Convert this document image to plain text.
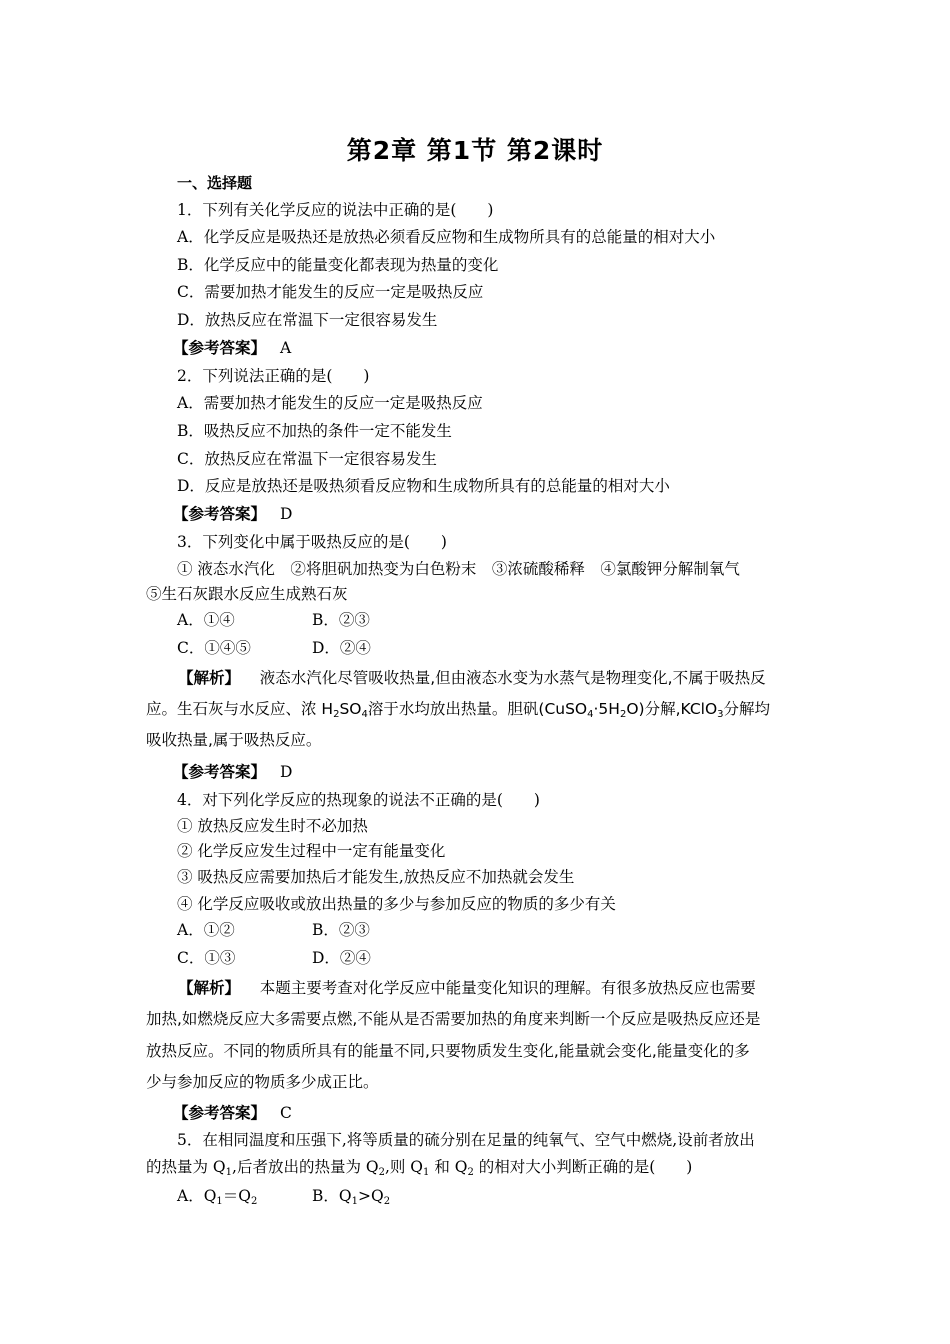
第2章 第1节 第2课时
一、选择题
1．下列有关化学反应的说法中正确的是(　　)
A．化学反应是吸热还是放热必须看反应物和生成物所具有的总能量的相对大小
B．化学反应中的能量变化都表现为热量的变化
C．需要加热才能发生的反应一定是吸热反应
D．放热反应在常温下一定很容易发生
【参考答案】 A
2．下列说法正确的是(　　)
A．需要加热才能发生的反应一定是吸热反应
B．吸热反应不加热的条件一定不能发生
C．放热反应在常温下一定很容易发生
D．反应是放热还是吸热须看反应物和生成物所具有的总能量的相对大小
【参考答案】 D
3．下列变化中属于吸热反应的是(　　)
① 液态水汽化　②将胆矾加热变为白色粉末　③浓硫酸稀释　④氯酸钾分解制氧气
⑤生石灰跟水反应生成熟石灰
A．①④	B．②③
C．①④⑤	D．②④
【解析】 液态水汽化尽管吸收热量,但由液态水变为水蒸气是物理变化,不属于吸热反
应。生石灰与水反应、浓 $H_2SO_4$溶于水均放出热量。胆矾$(CuSO_4\cdot 5H_2O)$分解,KClO$_3$分解均
吸收热量,属于吸热反应。
【参考答案】 D
4．对下列化学反应的热现象的说法不正确的是(　　)
① 放热反应发生时不必加热
② 化学反应发生过程中一定有能量变化
③ 吸热反应需要加热后才能发生,放热反应不加热就会发生
④ 化学反应吸收或放出热量的多少与参加反应的物质的多少有关
A．①②	B．②③
C．①③	D．②④
【解析】 本题主要考查对化学反应中能量变化知识的理解。有很多放热反应也需要
加热,如燃烧反应大多需要点燃,不能从是否需要加热的角度来判断一个反应是吸热反应还是
放热反应。不同的物质所具有的能量不同,只要物质发生变化,能量就会变化,能量变化的多
少与参加反应的物质多少成正比。
【参考答案】 C
5．在相同温度和压强下,将等质量的硫分别在足量的纯氧气、空气中燃烧,设前者放出
的热量为 $Q_1$,后者放出的热量为 $Q_2$,则 $Q_1$ 和 $Q_2$ 的相对大小判断正确的是(　　)
A．$Q_1=Q_2$	B．$Q_1>Q_2$
